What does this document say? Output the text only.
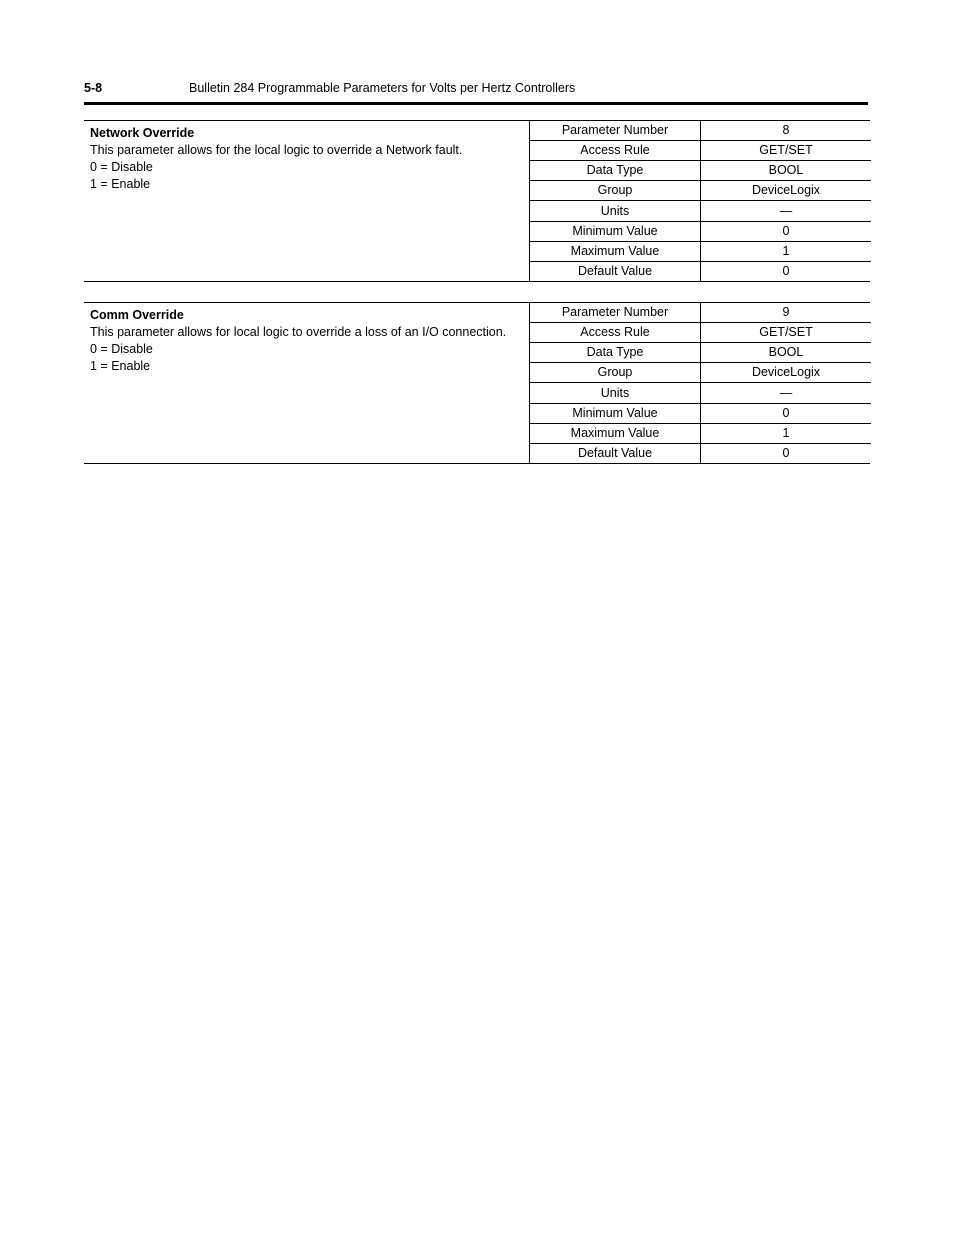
5-8	Bulletin 284 Programmable Parameters for Volts per Hertz Controllers
Network Override
This parameter allows for the local logic to override a Network fault.
0 = Disable
1 = Enable
Parameter Number	8
Access Rule	GET/SET
Data Type	BOOL
Group	DeviceLogix
Units	—
Minimum Value	0
Maximum Value	1
Default Value	0
Comm Override
This parameter allows for local logic to override a loss of an I/O connection.
0 = Disable
1 = Enable
Parameter Number	9
Access Rule	GET/SET
Data Type	BOOL
Group	DeviceLogix
Units	—
Minimum Value	0
Maximum Value	1
Default Value	0
